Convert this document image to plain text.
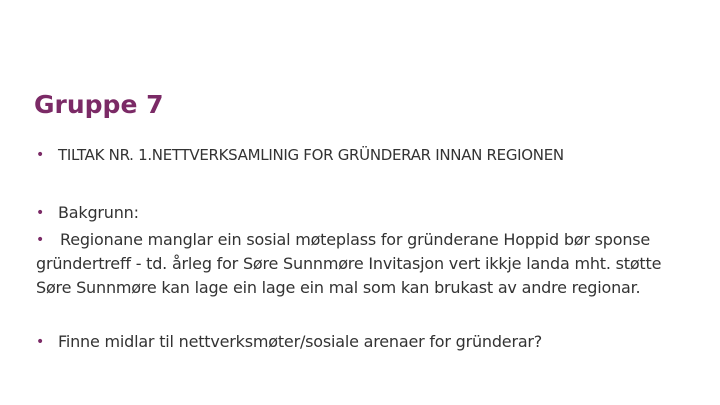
Gruppe 7
• TILTAK NR. 1.NETTVERKSAMLINIG FOR GRÜNDERAR INNAN REGIONEN
• Bakgrunn:
• Regionane manglar ein sosial møteplass for gründerane Hoppid bør sponse gründertreff - td. årleg for Søre Sunnmøre Invitasjon vert ikkje landa mht. støtte Søre Sunnmøre kan lage ein lage ein mal som kan brukast av andre regionar.
• Finne midlar til nettverksmøter/sosiale arenaer for gründerar?
